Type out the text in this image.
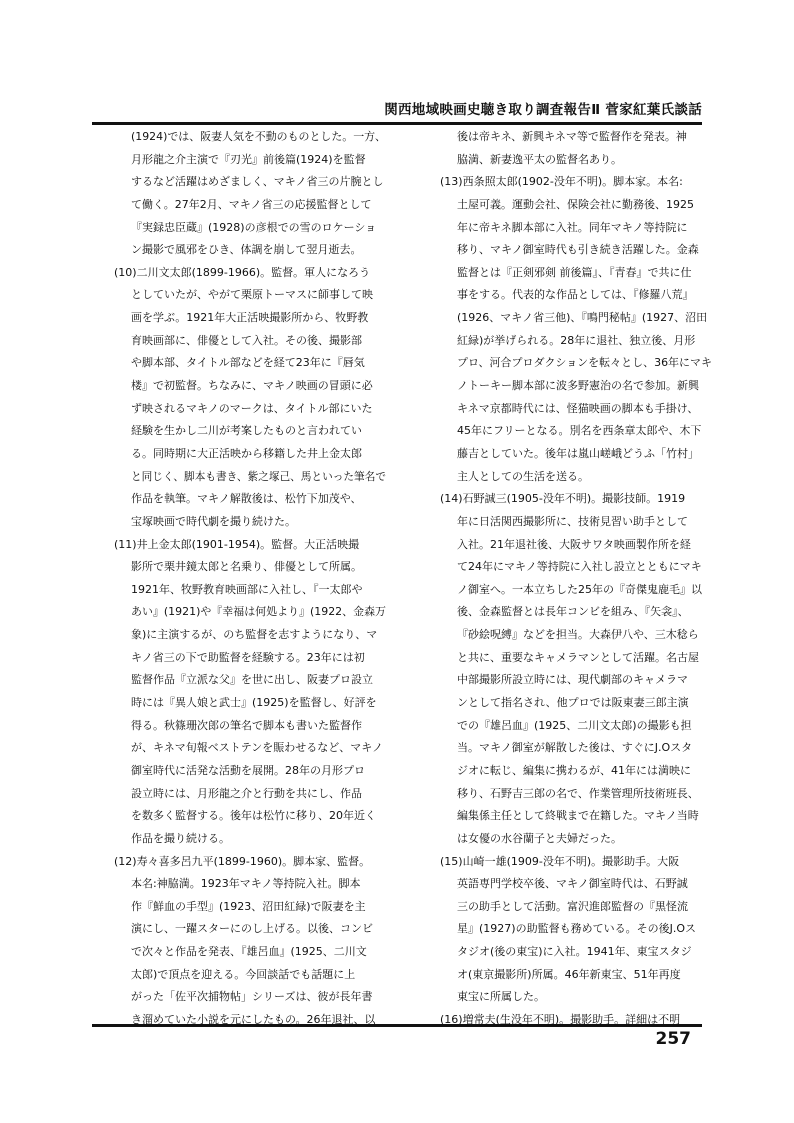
関西地域映画史聴き取り調査報告Ⅱ 菅家紅葉氏談話
(1924)では、阪妻人気を不動のものとした。一方、
月形龍之介主演で『刃光』前後篇(1924)を監督
するなど活躍はめざましく、マキノ省三の片腕とし
て働く。27年2月、マキノ省三の応援監督として
『実録忠臣蔵』(1928)の彦根での雪のロケーショ
ン撮影で風邪をひき、体調を崩して翌月逝去。
(10)二川文太郎(1899-1966)。監督。軍人になろう
としていたが、やがて栗原トーマスに師事して映
画を学ぶ。1921年大正活映撮影所から、牧野教
育映画部に、俳優として入社。その後、撮影部
や脚本部、タイトル部などを経て23年に『唇気
楼』で初監督。ちなみに、マキノ映画の冒頭に必
ず映されるマキノのマークは、タイトル部にいた
経験を生かし二川が考案したものと言われてい
る。同時期に大正活映から移籍した井上金太郎
と同じく、脚本も書き、紫之塚己、馬といった筆名で
作品を執筆。マキノ解散後は、松竹下加茂や、
宝塚映画で時代劇を撮り続けた。
(11)井上金太郎(1901-1954)。監督。大正活映撮
影所で栗井鏡太郎と名乗り、俳優として所属。
1921年、牧野教育映画部に入社し、『一太郎や
あい』(1921)や『幸福は何処より』(1922、金森万
象)に主演するが、のち監督を志すようになり、マ
キノ省三の下で助監督を経験する。23年には初
監督作品『立派な父』を世に出し、阪妻プロ設立
時には『異人娘と武士』(1925)を監督し、好評を
得る。秋篠珊次郎の筆名で脚本も書いた監督作
が、キネマ旬報ベストテンを賑わせるなど、マキノ
御室時代に活発な活動を展開。28年の月形プロ
設立時には、月形龍之介と行動を共にし、作品
を数多く監督する。後年は松竹に移り、20年近く
作品を撮り続ける。
(12)寿々喜多呂九平(1899-1960)。脚本家、監督。
本名:神脇満。1923年マキノ等持院入社。脚本
作『鮮血の手型』(1923、沼田紅緑)で阪妻を主
演にし、一躍スターにのし上げる。以後、コンビ
で次々と作品を発表、『雄呂血』(1925、二川文
太郎)で頂点を迎える。今回談話でも話題に上
がった「佐平次捕物帖」シリーズは、彼が長年書
き溜めていた小説を元にしたもの。26年退社、以
後は帝キネ、新興キネマ等で監督作を発表。神
脇満、新妻逸平太の監督名あり。
(13)西条照太郎(1902-没年不明)。脚本家。本名:
土屋可義。運動会社、保険会社に勤務後、1925
年に帝キネ脚本部に入社。同年マキノ等持院に
移り、マキノ御室時代も引き続き活躍した。金森
監督とは『正剣邪剣 前後篇』、『青春』で共に仕
事をする。代表的な作品としては、『修羅八荒』
(1926、マキノ省三他)、『鳴門秘帖』(1927、沼田
紅緑)が挙げられる。28年に退社、独立後、月形
プロ、河合プロダクションを転々とし、36年にマキ
ノトーキー脚本部に波多野憲治の名で参加。新興
キネマ京都時代には、怪猫映画の脚本も手掛け、
45年にフリーとなる。別名を西条章太郎や、木下
藤吉としていた。後年は嵐山嵯峨どうふ「竹村」
主人としての生活を送る。
(14)石野誠三(1905-没年不明)。撮影技師。1919
年に日活関西撮影所に、技術見習い助手として
入社。21年退社後、大阪サワタ映画製作所を経
て24年にマキノ等持院に入社し設立とともにマキ
ノ御室へ。一本立ちした25年の『奇傑鬼鹿毛』以
後、金森監督とは長年コンビを組み、『矢衾』、
『砂絵呪縛』などを担当。大森伊八や、三木稔ら
と共に、重要なキャメラマンとして活躍。名古屋
中部撮影所設立時には、現代劇部のキャメラマ
ンとして指名され、他プロでは阪東妻三郎主演
での『雄呂血』(1925、二川文太郎)の撮影も担
当。マキノ御室が解散した後は、すぐにJ.Oスタ
ジオに転じ、編集に携わるが、41年には満映に
移り、石野吉三郎の名で、作業管理所技術班長、
編集係主任として終戦まで在籍した。マキノ当時
は女優の水谷蘭子と夫婦だった。
(15)山崎一雄(1909-没年不明)。撮影助手。大阪
英語専門学校卒後、マキノ御室時代は、石野誠
三の助手として活動。富沢進郎監督の『黒怪流
星』(1927)の助監督も務めている。その後J.Oス
タジオ(後の東宝)に入社。1941年、東宝スタジ
オ(東京撮影所)所属。46年新東宝、51年再度
東宝に所属した。
(16)増常夫(生没年不明)。撮影助手。詳細は不明
257
